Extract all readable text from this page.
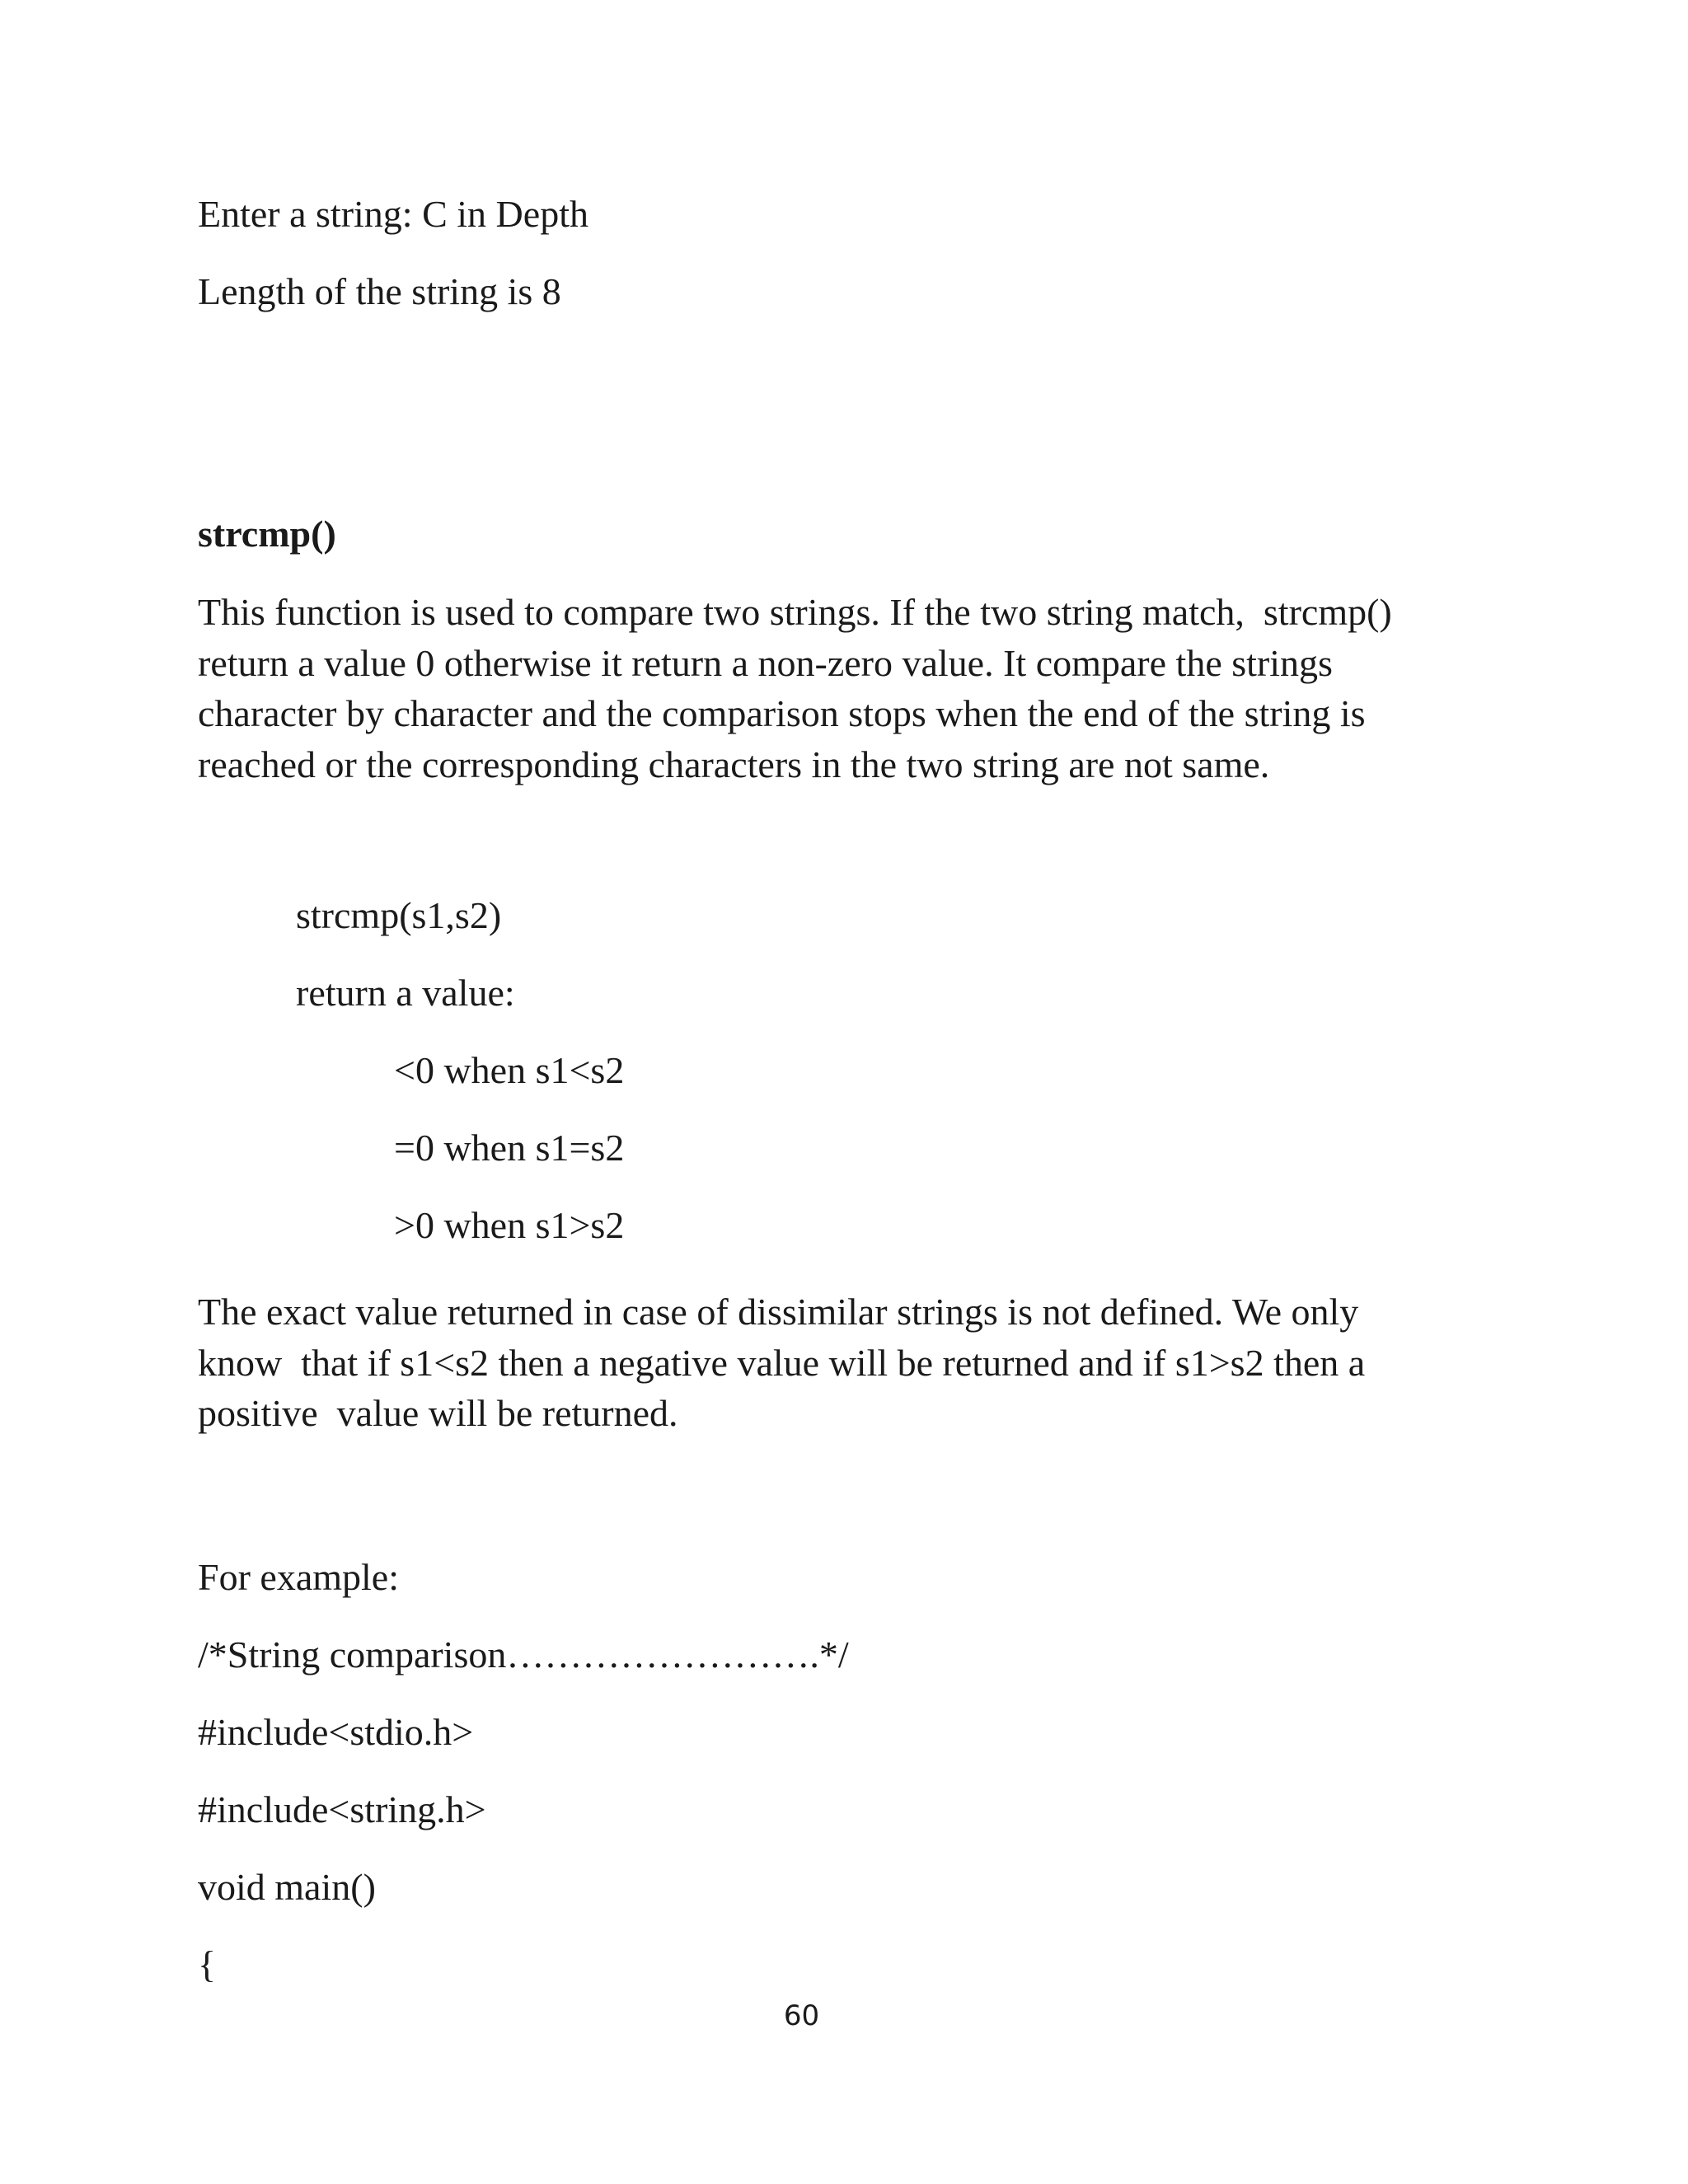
Enter a string: C in Depth
Length of the string is 8
strcmp()
This function is used to compare two strings. If the two string match,  strcmp()
return a value 0 otherwise it return a non-zero value. It compare the strings
character by character and the comparison stops when the end of the string is
reached or the corresponding characters in the two string are not same.
strcmp(s1,s2)
return a value:
<0 when s1<s2
=0 when s1=s2
>0 when s1>s2
The exact value returned in case of dissimilar strings is not defined. We only
know  that if s1<s2 then a negative value will be returned and if s1>s2 then a
positive  value will be returned.
For example:
/*String comparison…………………….*/
#include<stdio.h>
#include<string.h>
void main()
{
60
